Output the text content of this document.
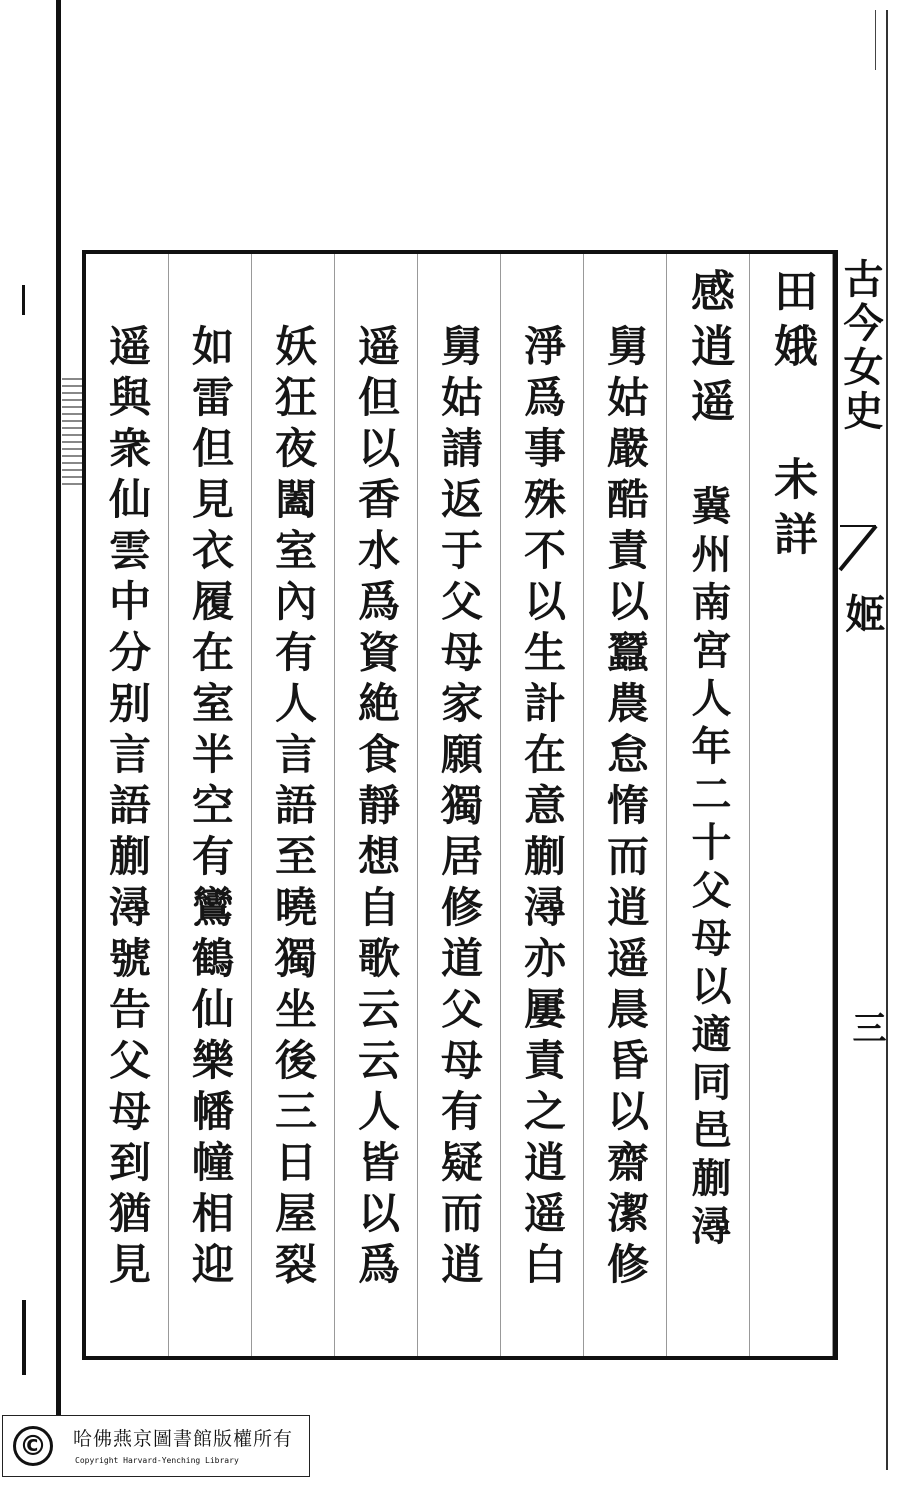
古今女史
姬
三
田娥
未詳
感逍遥
冀州南宮人年二十父母以適同邑蒯潯
舅姑嚴酷責以蠶農怠惰而逍遥晨昏以齋潔修
淨爲事殊不以生計在意蒯潯亦屢責之逍遥白
舅姑請返于父母家願獨居修道父母有疑而逍
遥但以香水爲資絶食靜想自歌云云人皆以爲
妖狂夜闔室內有人言語至曉獨坐後三日屋裂
如雷但見衣履在室半空有鸞鶴仙樂幡幢相迎
遥與衆仙雲中分别言語蒯潯號告父母到猶見
©	哈佛燕京圖書館版權所有
Copyright Harvard-Yenching Library
